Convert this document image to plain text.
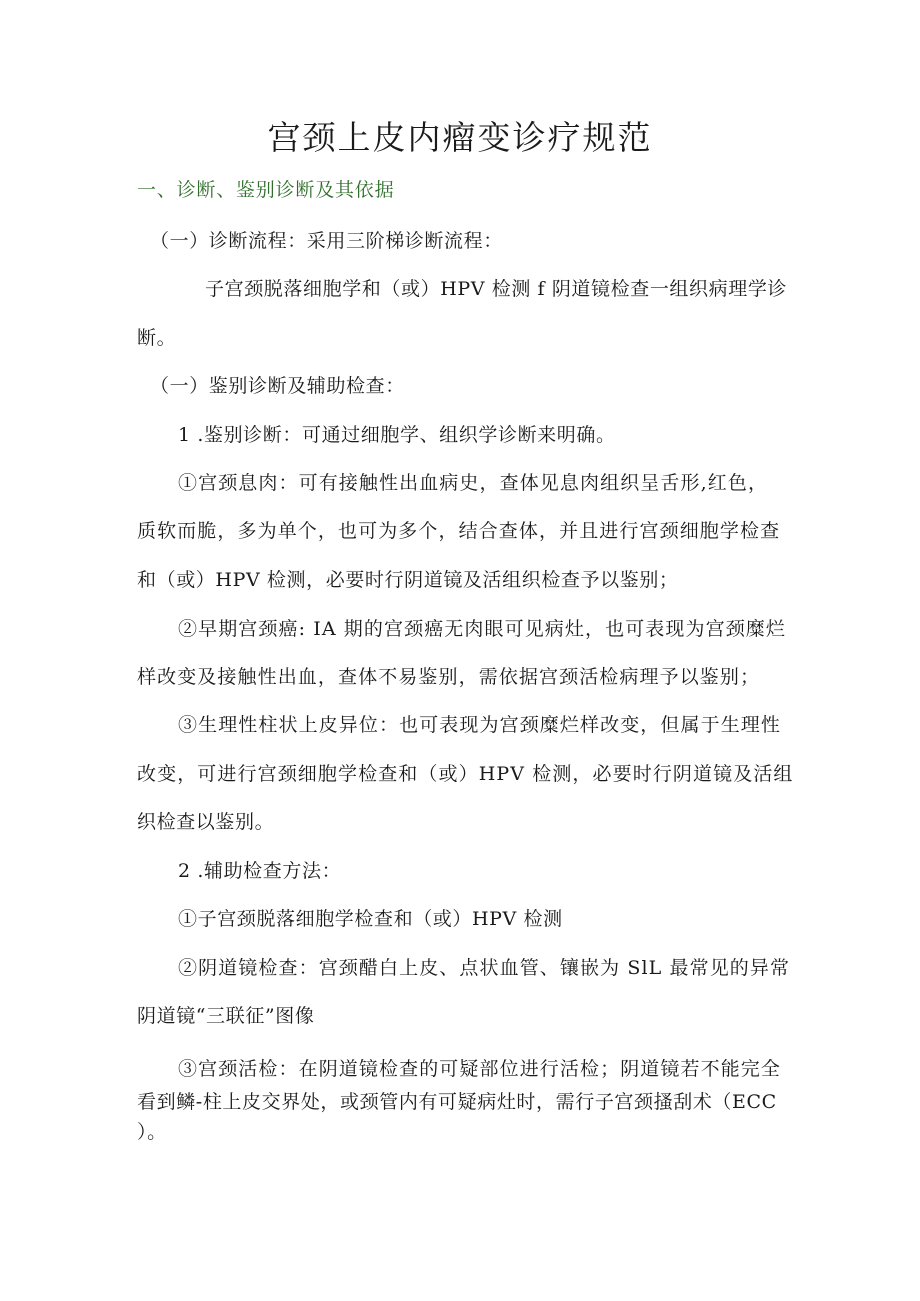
宫颈上皮内瘤变诊疗规范
一、诊断、鉴别诊断及其依据
（一）诊断流程：采用三阶梯诊断流程：
子宫颈脱落细胞学和（或）HPV 检测 f 阴道镜检查一组织病理学诊
断。
（一）鉴别诊断及辅助检查：
1 .鉴别诊断：可通过细胞学、组织学诊断来明确。
①宫颈息肉：可有接触性出血病史，查体见息肉组织呈舌形,红色，
质软而脆，多为单个，也可为多个，结合查体，并且进行宫颈细胞学检查
和（或）HPV 检测，必要时行阴道镜及活组织检查予以鉴别；
②早期宫颈癌: IA 期的宫颈癌无肉眼可见病灶，也可表现为宫颈糜烂
样改变及接触性出血，查体不易鉴别，需依据宫颈活检病理予以鉴别；
③生理性柱状上皮异位：也可表现为宫颈糜烂样改变，但属于生理性
改变，可进行宫颈细胞学检查和（或）HPV 检测，必要时行阴道镜及活组
织检查以鉴别。
2 .辅助检查方法：
①子宫颈脱落细胞学检查和（或）HPV 检测
②阴道镜检查：宫颈醋白上皮、点状血管、镶嵌为 SlL 最常见的异常
阴道镜“三联征”图像
③宫颈活检：在阴道镜检查的可疑部位进行活检；阴道镜若不能完全
看到鳞-柱上皮交界处，或颈管内有可疑病灶时，需行子宫颈搔刮术（ECC
）。
